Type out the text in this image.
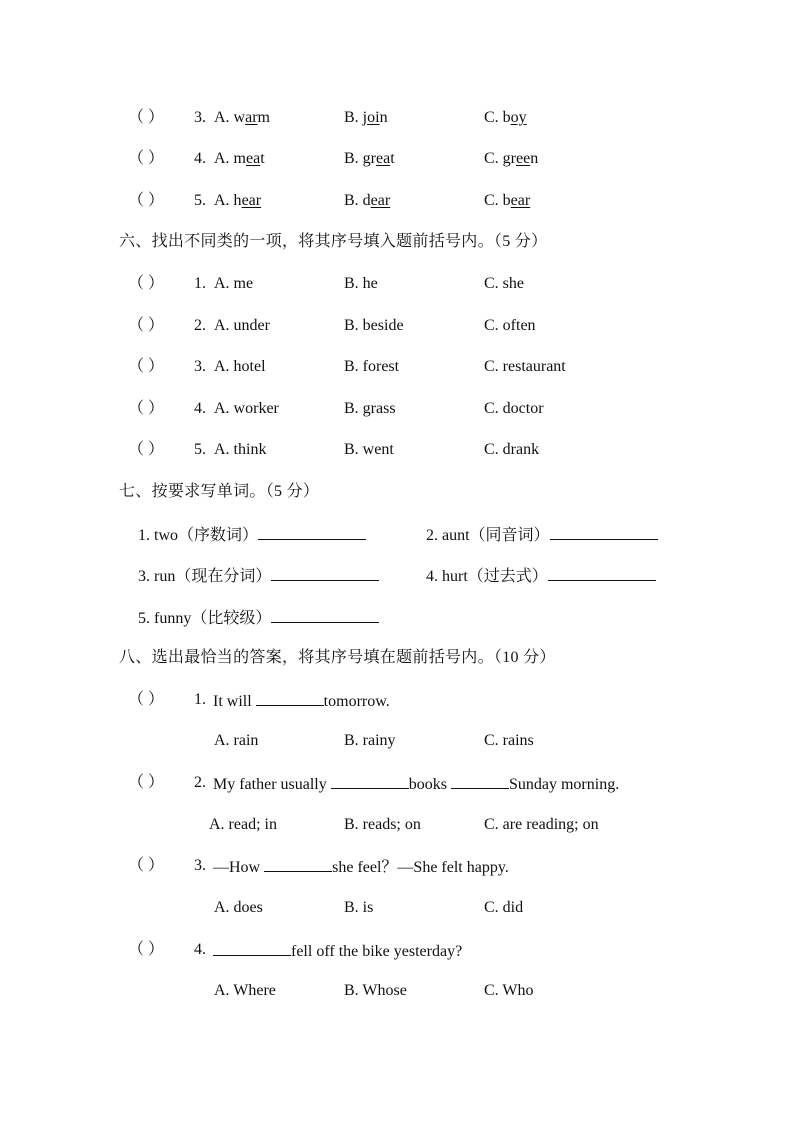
（ ） 3. A. warm	B. join	C. boy
（ ） 4. A. meat	B. great	C. green
（ ） 5. A. hear	B. dear	C. bear
六、找出不同类的一项，将其序号填入题前括号内。（5 分）
（ ） 1. A. me	B. he	C. she
（ ） 2. A. under	B. beside	C. often
（ ） 3. A. hotel	B. forest	C. restaurant
（ ） 4. A. worker	B. grass	C. doctor
（ ） 5. A. think	B. went	C. drank
七、按要求写单词。（5 分）
1. two（序数词）	2. aunt（同音词）
3. run（现在分词）	4. hurt（过去式）
5. funny（比较级）
八、选出最恰当的答案，将其序号填在题前括号内。（10 分）
（ ） 1. It will	tomorrow.
A. rain	B. rainy	C. rains
（ ） 2. My father usually	books	Sunday morning.
A. read; in	B. reads; on	C. are reading; on
（ ） 3. —How	she feel？—She felt happy.
A. does	B. is	C. did
（ ） 4.	fell off the bike yesterday?
A. Where	B. Whose	C. Who
